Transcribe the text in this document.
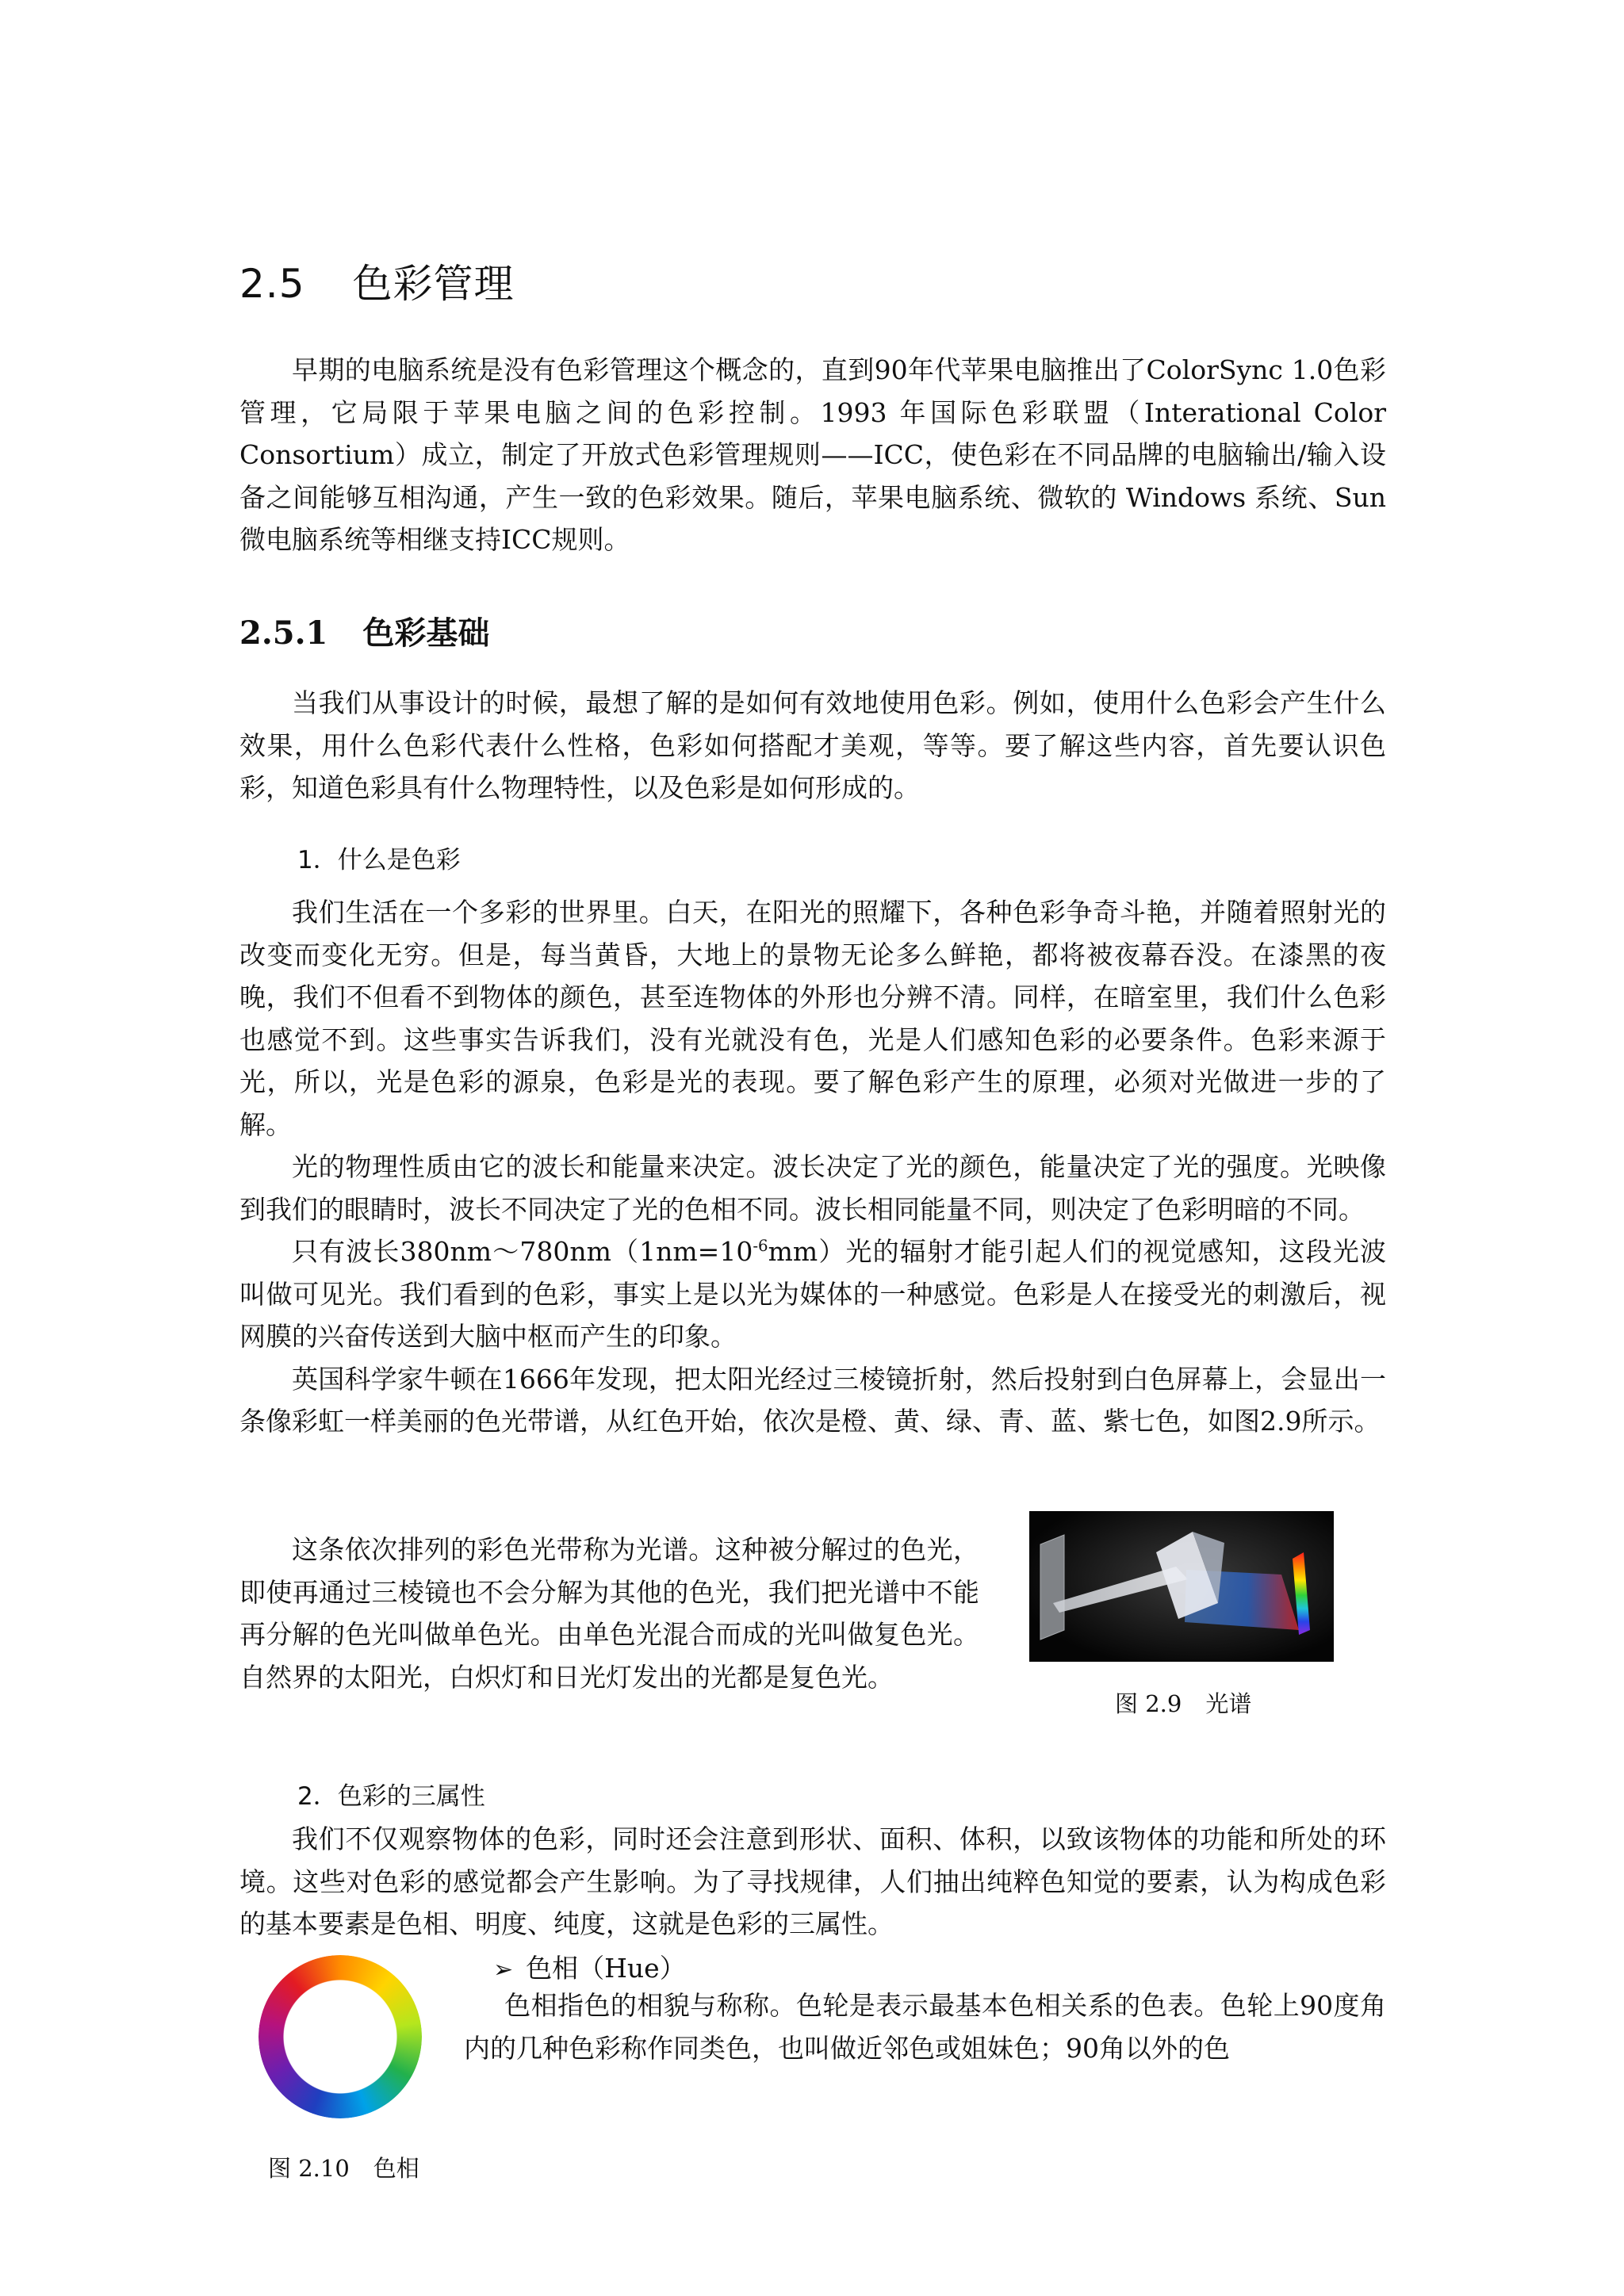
2.5 色彩管理

早期的电脑系统是没有色彩管理这个概念的，直到90年代苹果电脑推出了ColorSync 1.0色彩管理，它局限于苹果电脑之间的色彩控制。1993 年国际色彩联盟（Interational Color Consortium）成立，制定了开放式色彩管理规则——ICC，使色彩在不同品牌的电脑输出/输入设备之间能够互相沟通，产生一致的色彩效果。随后，苹果电脑系统、微软的 Windows 系统、Sun微电脑系统等相继支持ICC规则。

2.5.1 色彩基础

当我们从事设计的时候，最想了解的是如何有效地使用色彩。例如，使用什么色彩会产生什么效果，用什么色彩代表什么性格，色彩如何搭配才美观，等等。要了解这些内容，首先要认识色彩，知道色彩具有什么物理特性，以及色彩是如何形成的。

1．什么是色彩

我们生活在一个多彩的世界里。白天，在阳光的照耀下，各种色彩争奇斗艳，并随着照射光的改变而变化无穷。但是，每当黄昏，大地上的景物无论多么鲜艳，都将被夜幕吞没。在漆黑的夜晚，我们不但看不到物体的颜色，甚至连物体的外形也分辨不清。同样，在暗室里，我们什么色彩也感觉不到。这些事实告诉我们，没有光就没有色，光是人们感知色彩的必要条件。色彩来源于光，所以，光是色彩的源泉，色彩是光的表现。要了解色彩产生的原理，必须对光做进一步的了解。

光的物理性质由它的波长和能量来决定。波长决定了光的颜色，能量决定了光的强度。光映像到我们的眼睛时，波长不同决定了光的色相不同。波长相同能量不同，则决定了色彩明暗的不同。

只有波长$380nm\sim 780nm(1nm=10^{-6}mm)$光的辐射才能引起人们的视觉感知，这段光波叫做可见光。我们看到的色彩，事实上是以光为媒体的一种感觉。色彩是人在接受光的刺激后，视网膜的兴奋传送到大脑中枢而产生的印象。

英国科学家牛顿在1666年发现，把太阳光经过三棱镜折射，然后投射到白色屏幕上，会显出一条像彩虹一样美丽的色光带谱，从红色开始，依次是橙、黄、绿、青、蓝、紫七色，如图2.9所示。

这条依次排列的彩色光带称为光谱。这种被分解过的色光，即使再通过三棱镜也不会分解为其他的色光，我们把光谱中不能再分解的色光叫做单色光。由单色光混合而成的光叫做复色光。自然界的太阳光，白炽灯和日光灯发出的光都是复色光。

图 2.9 光谱

2．色彩的三属性

我们不仅观察物体的色彩，同时还会注意到形状、面积、体积，以致该物体的功能和所处的环境。这些对色彩的感觉都会产生影响。为了寻找规律，人们抽出纯粹色知觉的要素，认为构成色彩的基本要素是色相、明度、纯度，这就是色彩的三属性。

➢ 色相（Hue）

色相指色的相貌与称称。色轮是表示最基本色相关系的色表。色轮上90度角内的几种色彩称作同类色，也叫做近邻色或姐妹色；90角以外的色

图 2.10 色相
